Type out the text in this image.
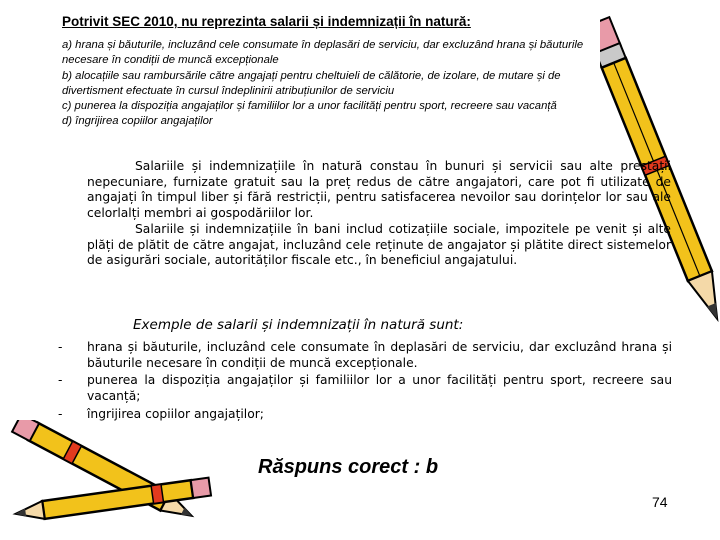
Potrivit SEC 2010, nu reprezinta salarii și indemnizații în natură:
a) hrana și băuturile, incluzând cele consumate în deplasări de serviciu, dar excluzând hrana și băuturile necesare în condiții de muncă excepționale
b) alocațiile sau rambursările către angajați pentru cheltuieli de călătorie, de izolare, de mutare și de divertisment efectuate în cursul îndeplinirii atribuțiunilor de serviciu
c) punerea la dispoziția angajaților și familiilor lor a unor facilități pentru sport, recreere sau vacanță
d) îngrijirea copiilor angajaților

Salariile și indemnizațiile în natură constau în bunuri și servicii sau alte prestații nepecuniare, furnizate gratuit sau la preț redus de către angajatori, care pot fi utilizate de angajați în timpul liber și fără restricții, pentru satisfacerea nevoilor sau dorințelor lor sau ale celorlalți membri ai gospodăriilor lor.

Salariile și indemnizațiile în bani includ cotizațiile sociale, impozitele pe venit și alte plăți de plătit de către angajat, incluzând cele reținute de angajator și plătite direct sistemelor de asigurări sociale, autorităților fiscale etc., în beneficiul angajatului.

Exemple de salarii și indemnizații în natură sunt:
- hrana și băuturile, incluzând cele consumate în deplasări de serviciu, dar excluzând hrana și băuturile necesare în condiții de muncă excepționale.
- punerea la dispoziția angajaților și familiilor lor a unor facilități pentru sport, recreere sau vacanță;
- îngrijirea copiilor angajaților;
Răspuns corect : b
74
